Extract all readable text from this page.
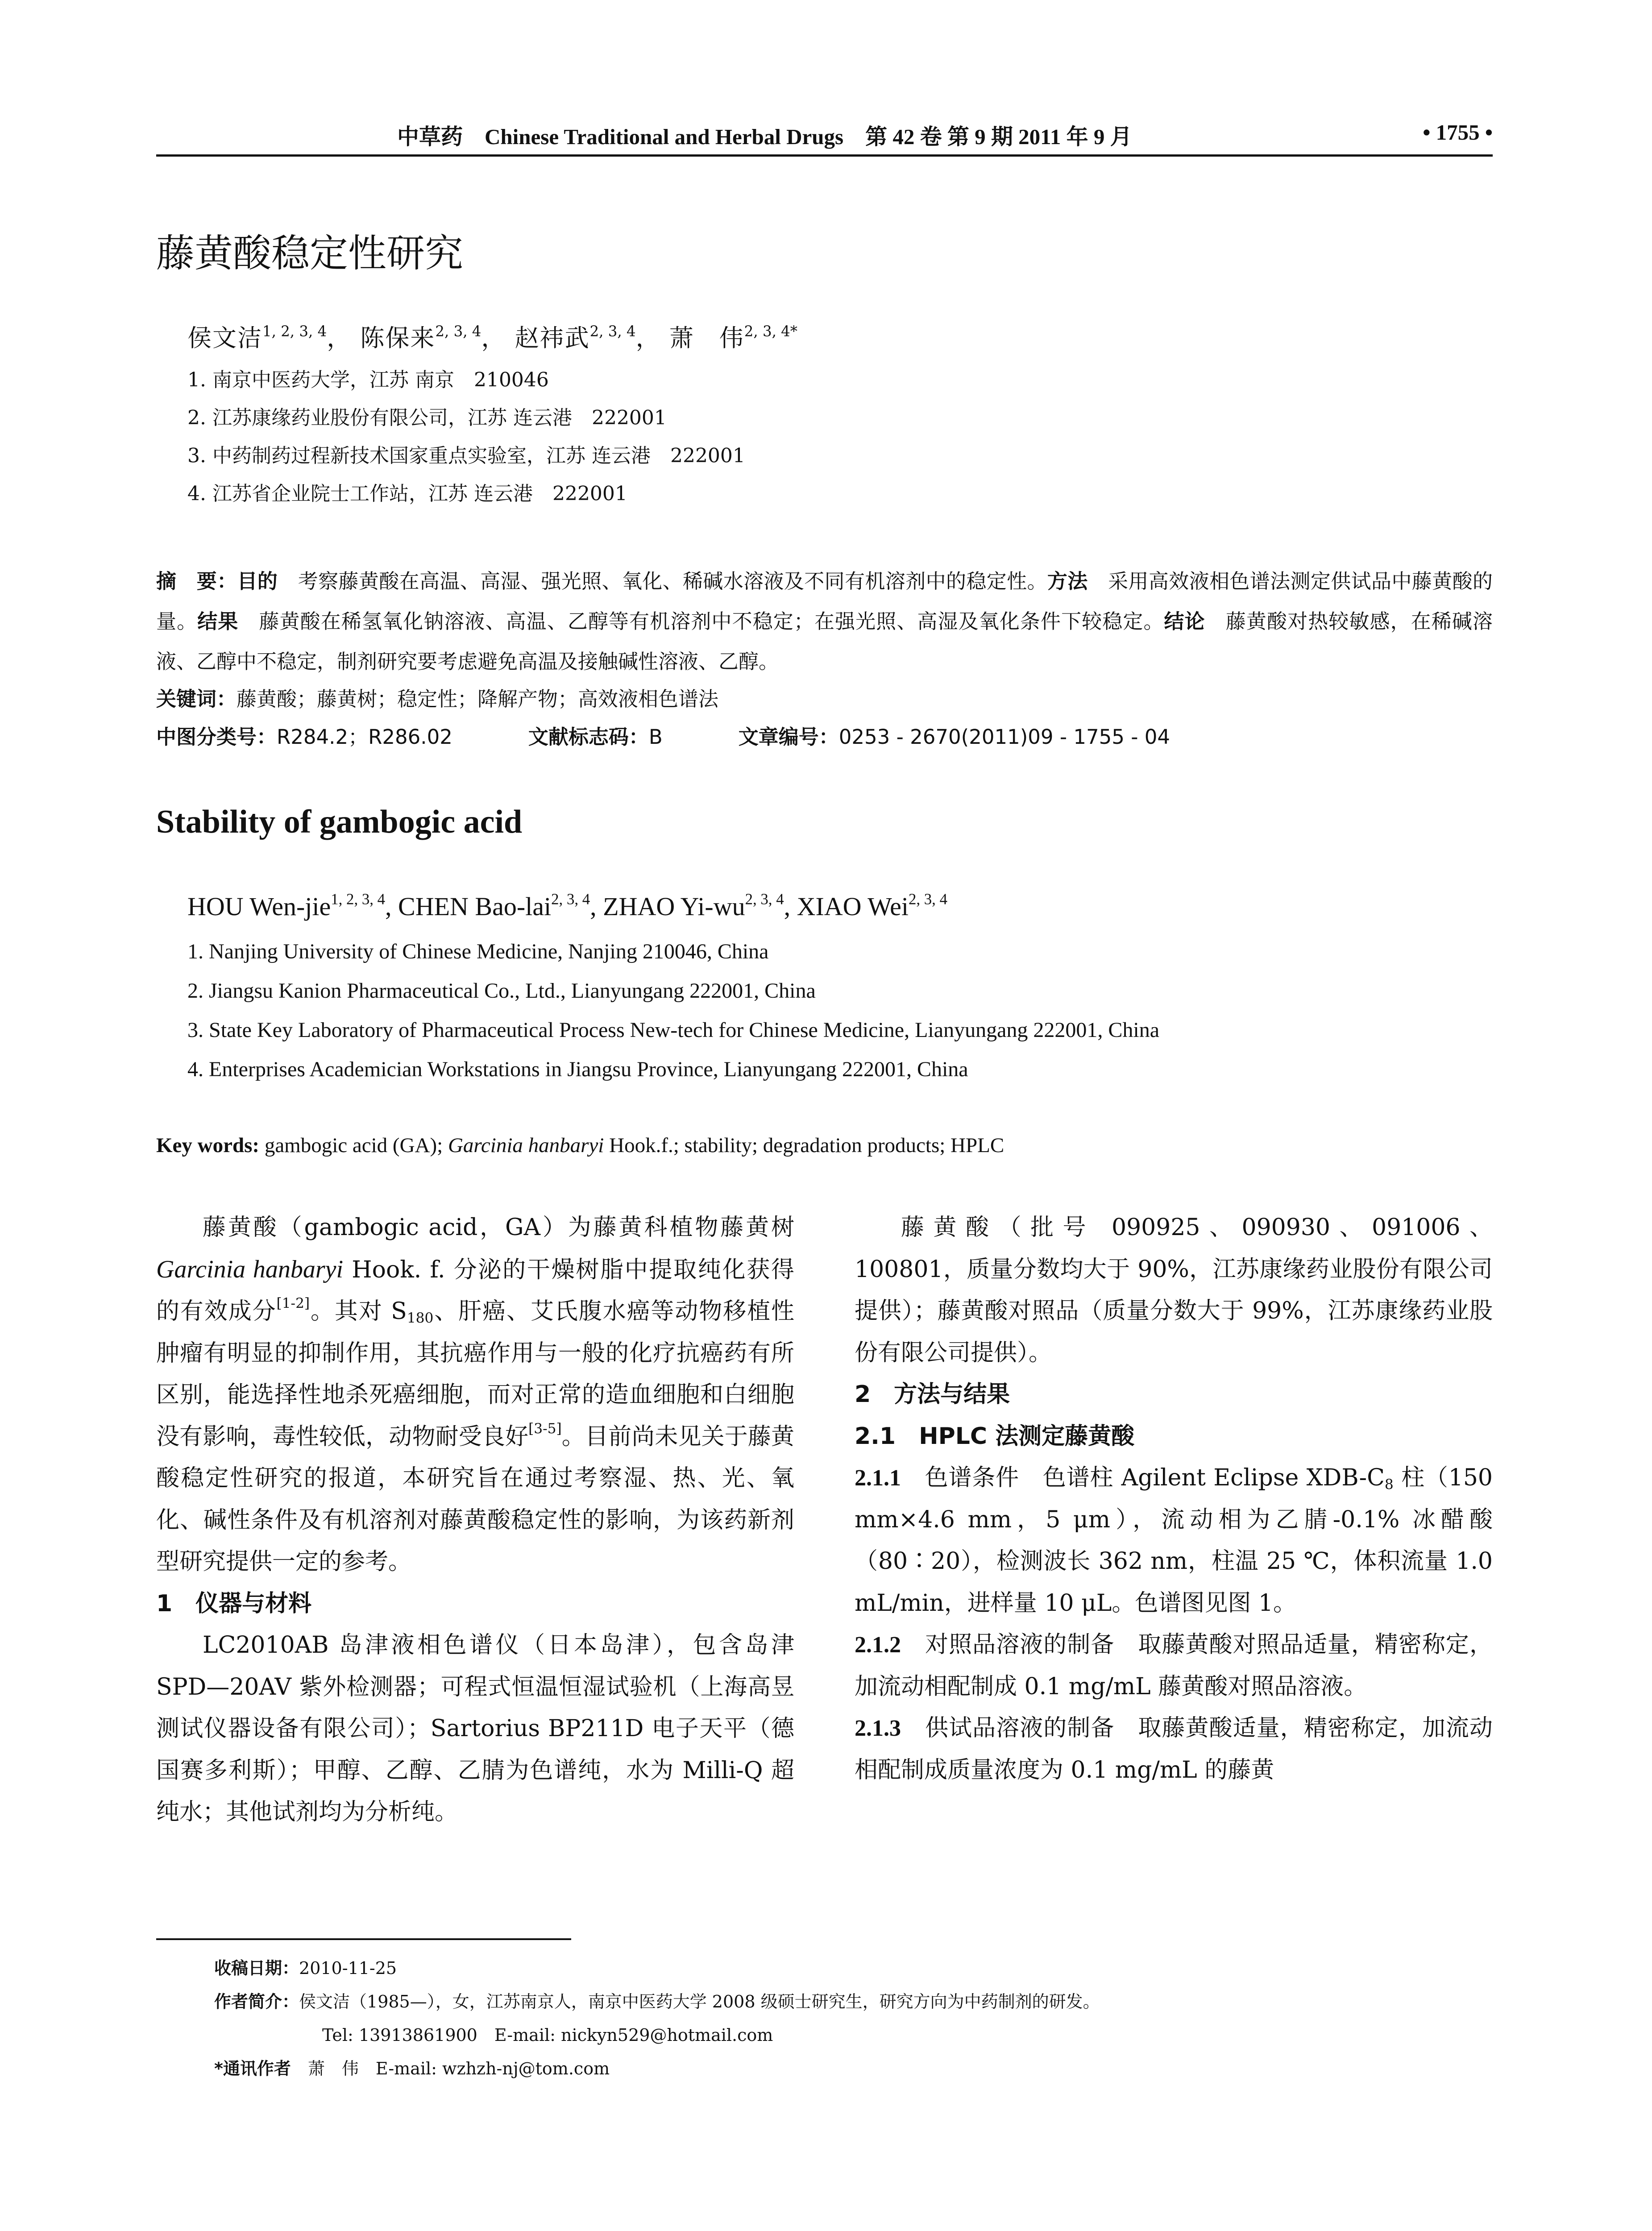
中草药　Chinese Traditional and Herbal Drugs　第 42 卷 第 9 期 2011 年 9 月	• 1755 •
藤黄酸稳定性研究
侯文洁$^{1, 2, 3, 4}$， 陈保来$^{2, 3, 4}$， 赵祎武$^{2, 3, 4}$， 萧　伟$^{2, 3, 4*}$
1. 南京中医药大学，江苏 南京　210046
2. 江苏康缘药业股份有限公司，江苏 连云港　222001
3. 中药制药过程新技术国家重点实验室，江苏 连云港　222001
4. 江苏省企业院士工作站，江苏 连云港　222001
摘　要：目的　考察藤黄酸在高温、高湿、强光照、氧化、稀碱水溶液及不同有机溶剂中的稳定性。方法　采用高效液相色谱法测定供试品中藤黄酸的量。结果　藤黄酸在稀氢氧化钠溶液、高温、乙醇等有机溶剂中不稳定；在强光照、高湿及氧化条件下较稳定。结论　藤黄酸对热较敏感，在稀碱溶液、乙醇中不稳定，制剂研究要考虑避免高温及接触碱性溶液、乙醇。
关键词：藤黄酸；藤黄树；稳定性；降解产物；高效液相色谱法
中图分类号：R284.2；R286.02	文献标志码：B	文章编号：0253 - 2670(2011)09 - 1755 - 04
Stability of gambogic acid
HOU Wen-jie$^{1, 2, 3, 4}$, CHEN Bao-lai$^{2, 3, 4}$, ZHAO Yi-wu$^{2, 3, 4}$, XIAO Wei$^{2, 3, 4}$
1. Nanjing University of Chinese Medicine, Nanjing 210046, China
2. Jiangsu Kanion Pharmaceutical Co., Ltd., Lianyungang 222001, China
3. State Key Laboratory of Pharmaceutical Process New-tech for Chinese Medicine, Lianyungang 222001, China
4. Enterprises Academician Workstations in Jiangsu Province, Lianyungang 222001, China
Key words: gambogic acid (GA); Garcinia hanbaryi Hook.f.; stability; degradation products; HPLC

藤黄酸（gambogic acid，GA）为藤黄科植物藤黄树 Garcinia hanbaryi Hook. f. 分泌的干燥树脂中提取纯化获得的有效成分[1-2]。其对 $S_{180}$、肝癌、艾氏腹水癌等动物移植性肿瘤有明显的抑制作用，其抗癌作用与一般的化疗抗癌药有所区别，能选择性地杀死癌细胞，而对正常的造血细胞和白细胞没有影响，毒性较低，动物耐受良好[3-5]。目前尚未见关于藤黄酸稳定性研究的报道，本研究旨在通过考察湿、热、光、氧化、碱性条件及有机溶剂对藤黄酸稳定性的影响，为该药新剂型研究提供一定的参考。

1　仪器与材料

LC2010AB 岛津液相色谱仪（日本岛津），包含岛津 SPD—20AV 紫外检测器；可程式恒温恒湿试验机（上海高昱测试仪器设备有限公司）；Sartorius BP211D 电子天平（德国赛多利斯）；甲醇、乙醇、乙腈为色谱纯，水为 Milli-Q 超纯水；其他试剂均为分析纯。

藤黄酸（批号 090925、090930、091006、100801，质量分数均大于 90%，江苏康缘药业股份有限公司提供）；藤黄酸对照品（质量分数大于 99%，江苏康缘药业股份有限公司提供）。

2　方法与结果

2.1　HPLC 法测定藤黄酸

2.1.1　色谱条件　色谱柱 Agilent Eclipse XDB-$C_8$ 柱（150 mm×4.6 mm，5 μm），流动相为乙腈-0.1% 冰醋酸（80∶20），检测波长 362 nm，柱温 25 ℃，体积流量 1.0 mL/min，进样量 10 μL。色谱图见图 1。

2.1.2　对照品溶液的制备　取藤黄酸对照品适量，精密称定，加流动相配制成 0.1 mg/mL 藤黄酸对照品溶液。

2.1.3　供试品溶液的制备　取藤黄酸适量，精密称定，加流动相配制成质量浓度为 0.1 mg/mL 的藤黄

收稿日期：2010-11-25
作者简介：侯文洁（1985—），女，江苏南京人，南京中医药大学 2008 级硕士研究生，研究方向为中药制剂的研发。
Tel: 13913861900　E-mail: nickyn529@hotmail.com
*通讯作者　萧　伟　E-mail: wzhzh-nj@tom.com
